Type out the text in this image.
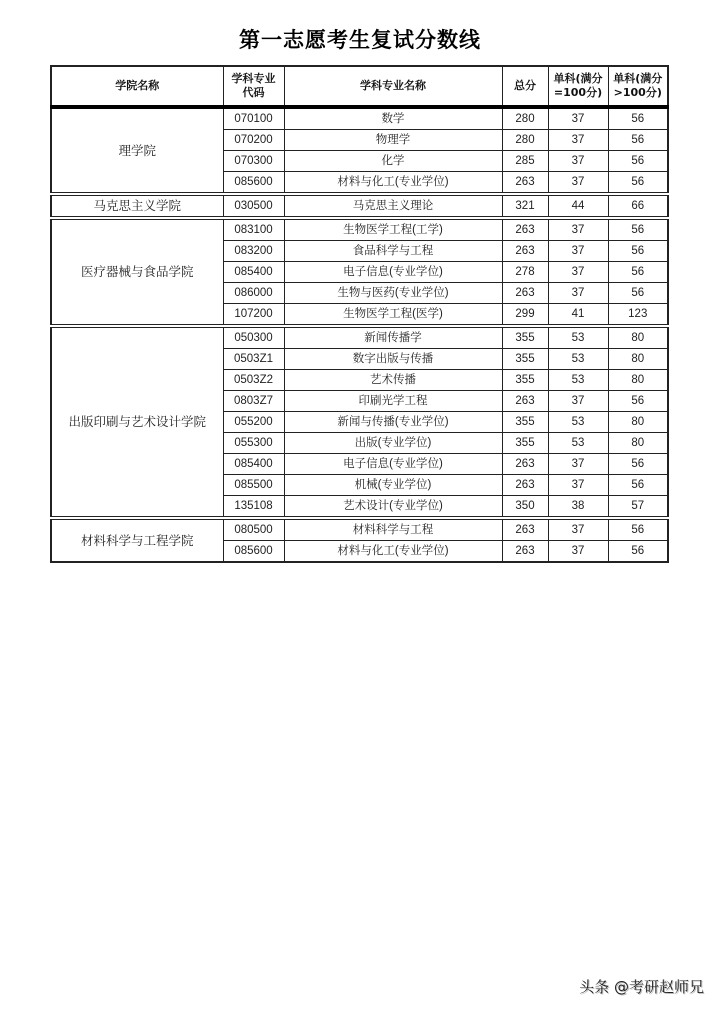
第一志愿考生复试分数线
学院名称	学科专业代码	学科专业名称	总分	单科(满分=100分)	单科(满分>100分)

理学院	070100	数学	280	37	56
	070200	物理学	280	37	56
	070300	化学	285	37	56
	085600	材料与化工(专业学位)	263	37	56
马克思主义学院	030500	马克思主义理论	321	44	66
医疗器械与食品学院	083100	生物医学工程(工学)	263	37	56
	083200	食品科学与工程	263	37	56
	085400	电子信息(专业学位)	278	37	56
	086000	生物与医药(专业学位)	263	37	56
	107200	生物医学工程(医学)	299	41	123
出版印刷与艺术设计学院	050300	新闻传播学	355	53	80
	0503Z1	数字出版与传播	355	53	80
	0503Z2	艺术传播	355	53	80
	0803Z7	印刷光学工程	263	37	56
	055200	新闻与传播(专业学位)	355	53	80
	055300	出版(专业学位)	355	53	80
	085400	电子信息(专业学位)	263	37	56
	085500	机械(专业学位)	263	37	56
	135108	艺术设计(专业学位)	350	38	57
材料科学与工程学院	080500	材料科学与工程	263	37	56
	085600	材料与化工(专业学位)	263	37	56
头条 @考研赵师兄
